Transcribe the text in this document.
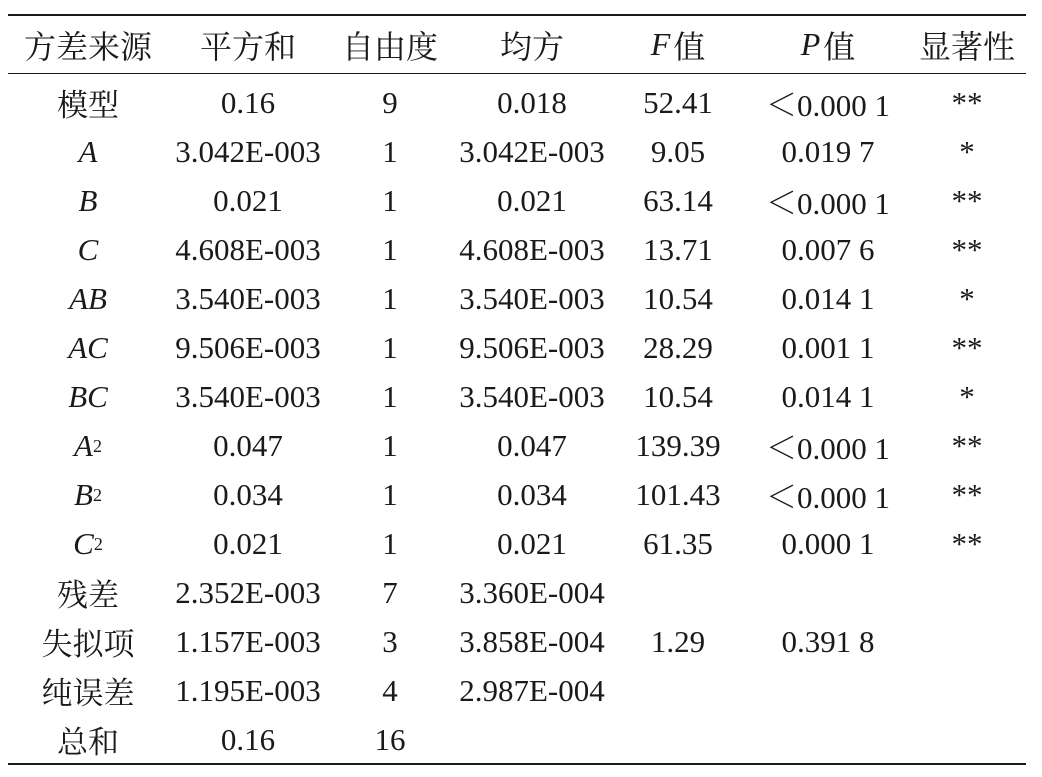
方差来源	平方和	自由度	均方	F 值	P 值 显著性
模型	0.16	9	0.018	52.41	＜0.000 1	**
A	3.042E-003	1	3.042E-003	9.05	0.019 7	*
B	0.021	1	0.021	63.14	＜0.000 1	**
C 4.608E-003	1	4.608E-003	13.71	0.007 6	**
AB 3.540E-003	1	3.540E-003	10.54	0.014 1	*
AC 9.506E-003	1	9.506E-003	28.29	0.001 1	**
BC 3.540E-003	1	3.540E-003	10.54	0.014 1	*
A 2	0.047	1	0.047	139.39	＜0.000 1	**
B 2	0.034	1	0.034	101.43	＜0.000 1	**
C 2	0.021	1	0.021	61.35	0.000 1	**
残差 2.352E-003	7	3.360E-004
失拟项 1.157E-003	3	3.858E-004	1.29	0.391 8
纯误差 1.195E-003	4	2.987E-004
总和	0.16	16
